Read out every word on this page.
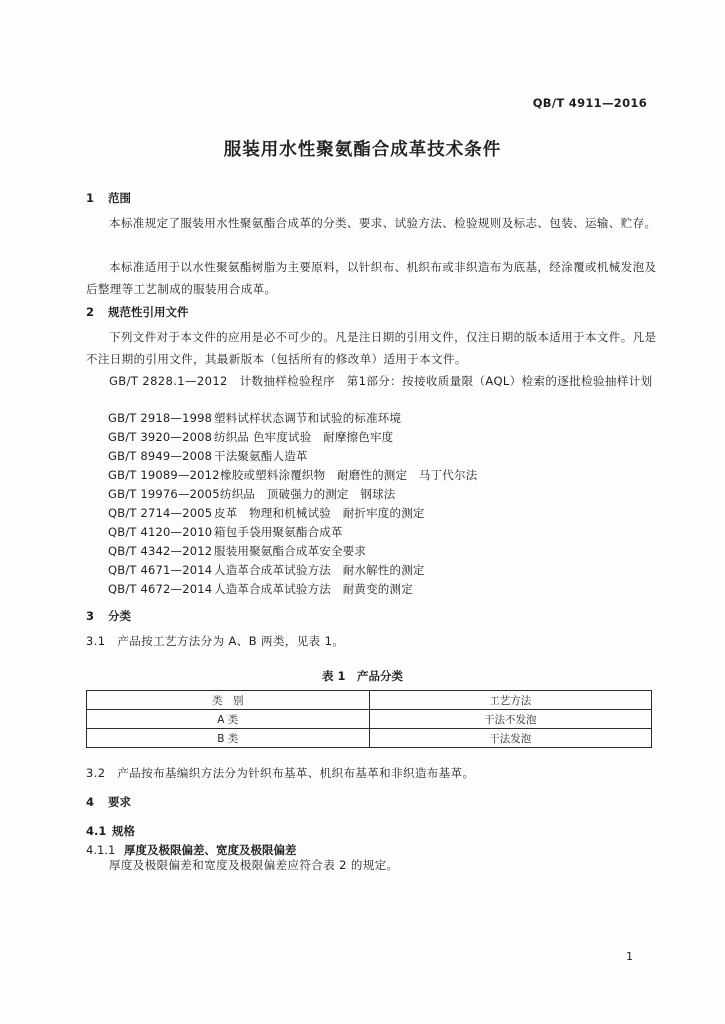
QB/T 4911—2016
服装用水性聚氨酯合成革技术条件
1 范围
本标准规定了服装用水性聚氨酯合成革的分类、要求、试验方法、检验规则及标志、包装、运输、贮存。
本标准适用于以水性聚氨酯树脂为主要原料，以针织布、机织布或非织造布为底基，经涂覆或机械发泡及后整理等工艺制成的服装用合成革。
2 规范性引用文件
下列文件对于本文件的应用是必不可少的。凡是注日期的引用文件，仅注日期的版本适用于本文件。凡是不注日期的引用文件，其最新版本（包括所有的修改单）适用于本文件。
GB/T 2828.1—2012　计数抽样检验程序　第1部分：按接收质量限（AQL）检索的逐批检验抽样计划
GB/T 2918—1998 塑料试样状态调节和试验的标准环境
GB/T 3920—2008 纺织品 色牢度试验　耐摩擦色牢度
GB/T 8949—2008 干法聚氨酯人造革
GB/T 19089—2012橡胶或塑料涂覆织物　耐磨性的测定　马丁代尔法
GB/T 19976—2005纺织品　顶破强力的测定　钢球法
QB/T 2714—2005 皮革　物理和机械试验　耐折牢度的测定
QB/T 4120—2010 箱包手袋用聚氨酯合成革
QB/T 4342—2012 服装用聚氨酯合成革安全要求
QB/T 4671—2014 人造革合成革试验方法　耐水解性的测定
QB/T 4672—2014 人造革合成革试验方法　耐黄变的测定
3 分类
3.1　产品按工艺方法分为 A、B 两类，见表 1。
表 1　产品分类
类　别	工艺方法
A 类	干法不发泡
B 类	干法发泡
3.2　产品按布基编织方法分为针织布基革、机织布基革和非织造布基革。
4 要求
4.1 规格
4.1.1 厚度及极限偏差、宽度及极限偏差
厚度及极限偏差和宽度及极限偏差应符合表 2 的规定。
1
